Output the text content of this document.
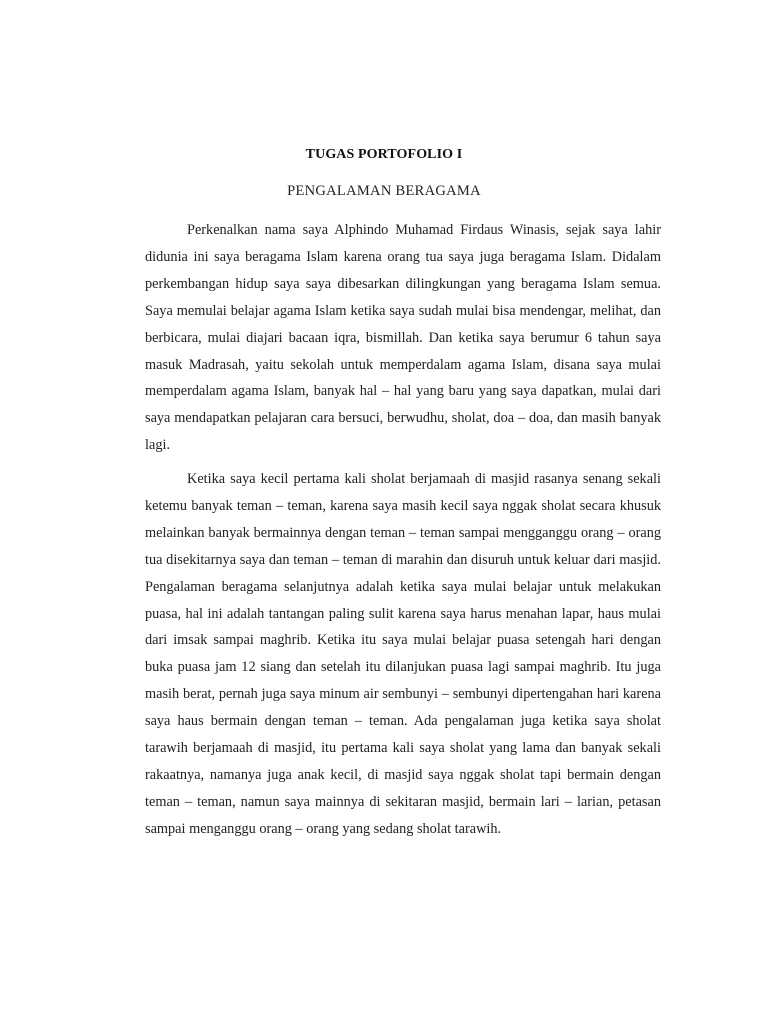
TUGAS PORTOFOLIO I
PENGALAMAN BERAGAMA

Perkenalkan nama saya Alphindo Muhamad Firdaus Winasis, sejak saya lahir didunia ini saya beragama Islam karena orang tua saya juga beragama Islam. Didalam perkembangan hidup saya saya dibesarkan dilingkungan yang beragama Islam semua. Saya memulai belajar agama Islam ketika saya sudah mulai bisa mendengar, melihat, dan berbicara, mulai diajari bacaan iqra, bismillah. Dan ketika saya berumur 6 tahun saya masuk Madrasah, yaitu sekolah untuk memperdalam agama Islam, disana saya mulai memperdalam agama Islam, banyak hal – hal yang baru yang saya dapatkan, mulai dari saya mendapatkan pelajaran cara bersuci, berwudhu, sholat, doa – doa, dan masih banyak lagi.

Ketika saya kecil pertama kali sholat berjamaah di masjid rasanya senang sekali ketemu banyak teman – teman, karena saya masih kecil saya nggak sholat secara khusuk melainkan banyak bermainnya dengan teman – teman sampai mengganggu orang – orang tua disekitarnya saya dan teman – teman di marahin dan disuruh untuk keluar dari masjid. Pengalaman beragama selanjutnya adalah ketika saya mulai belajar untuk melakukan puasa, hal ini adalah tantangan paling sulit karena saya harus menahan lapar, haus mulai dari imsak sampai maghrib. Ketika itu saya mulai belajar puasa setengah hari dengan buka puasa jam 12 siang dan setelah itu dilanjukan puasa lagi sampai maghrib. Itu juga masih berat, pernah juga saya minum air sembunyi – sembunyi dipertengahan hari karena saya haus bermain dengan teman – teman. Ada pengalaman juga ketika saya sholat tarawih berjamaah di masjid, itu pertama kali saya sholat yang lama dan banyak sekali rakaatnya, namanya juga anak kecil, di masjid saya nggak sholat tapi bermain dengan teman – teman, namun saya mainnya di sekitaran masjid, bermain lari – larian, petasan sampai menganggu orang – orang yang sedang sholat tarawih.
